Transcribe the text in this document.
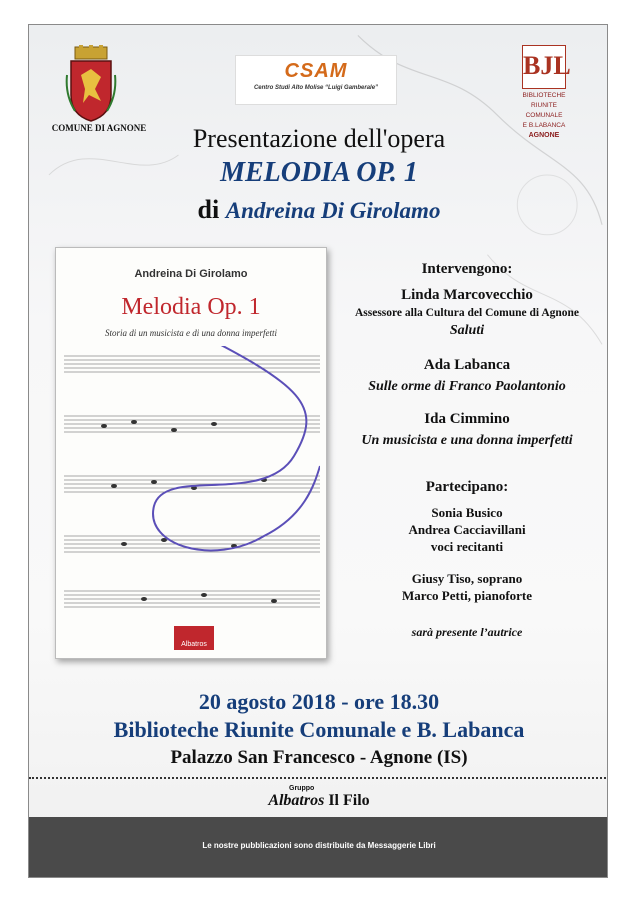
COMUNE DI AGNONE
CSAM
Centro Studi Alto Molise “Luigi Gamberale”
BJL
BIBLIOTECHE
RIUNITE
COMUNALE
E B.LABANCA
AGNONE
Presentazione dell'opera
MELODIA OP. 1
di Andreina Di Girolamo
Andreina Di Girolamo
Melodia Op. 1
Storia di un musicista e di una donna imperfetti
Albatros
Intervengono:
Linda Marcovecchio
Assessore alla Cultura del Comune di Agnone
Saluti
Ada Labanca
Sulle orme di Franco Paolantonio
Ida Cimmino
Un musicista e una donna imperfetti
Partecipano:
Sonia Busico
Andrea Cacciavillani
voci recitanti
Giusy Tiso, soprano
Marco Petti, pianoforte
sarà presente l’autrice
20 agosto 2018 - ore 18.30
Biblioteche Riunite Comunale e B. Labanca
Palazzo San Francesco - Agnone (IS)
Gruppo
Albatros Il Filo
Le nostre pubblicazioni sono distribuite da Messaggerie Libri
